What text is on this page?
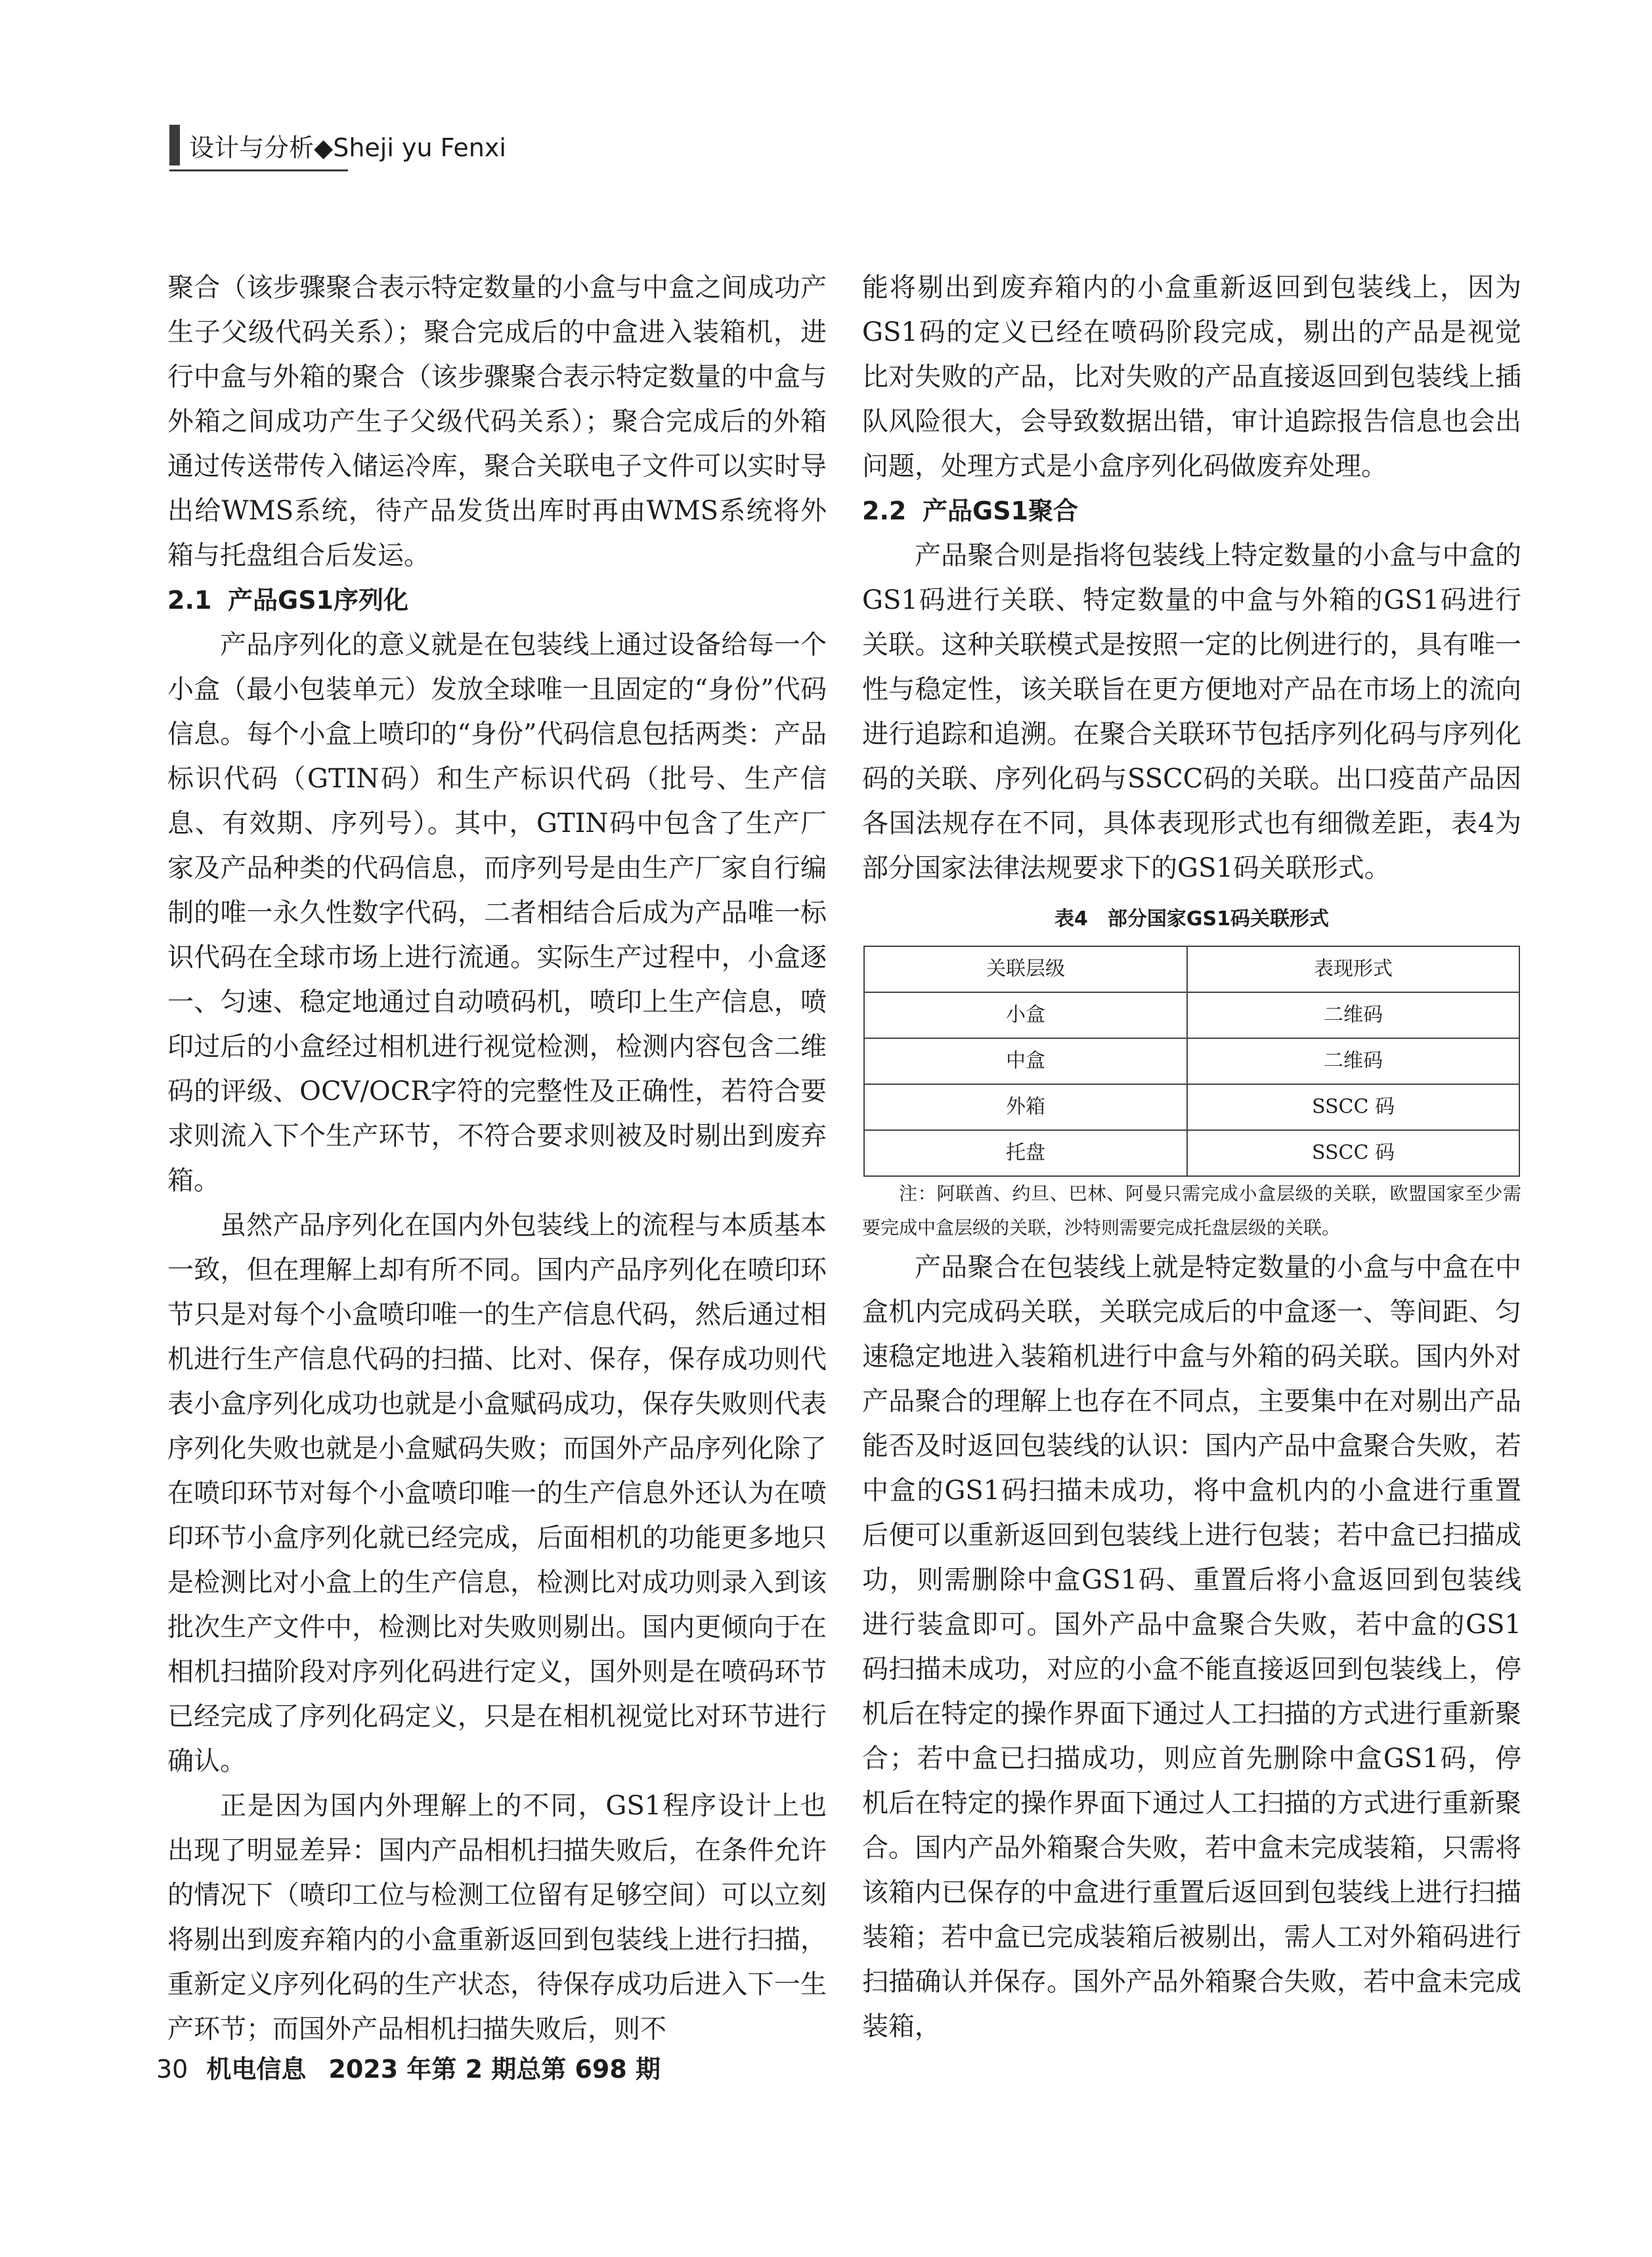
设计与分析◆Sheji yu Fenxi

聚合（该步骤聚合表示特定数量的小盒与中盒之间成功产生子父级代码关系）；聚合完成后的中盒进入装箱机，进行中盒与外箱的聚合（该步骤聚合表示特定数量的中盒与外箱之间成功产生子父级代码关系）；聚合完成后的外箱通过传送带传入储运冷库，聚合关联电子文件可以实时导出给WMS系统，待产品发货出库时再由WMS系统将外箱与托盘组合后发运。

2.1 产品GS1序列化

产品序列化的意义就是在包装线上通过设备给每一个小盒（最小包装单元）发放全球唯一且固定的“身份”代码信息。每个小盒上喷印的“身份”代码信息包括两类：产品标识代码（GTIN码）和生产标识代码（批号、生产信息、有效期、序列号）。其中，GTIN码中包含了生产厂家及产品种类的代码信息，而序列号是由生产厂家自行编制的唯一永久性数字代码，二者相结合后成为产品唯一标识代码在全球市场上进行流通。实际生产过程中，小盒逐一、匀速、稳定地通过自动喷码机，喷印上生产信息，喷印过后的小盒经过相机进行视觉检测，检测内容包含二维码的评级、OCV/OCR字符的完整性及正确性，若符合要求则流入下个生产环节，不符合要求则被及时剔出到废弃箱。

虽然产品序列化在国内外包装线上的流程与本质基本一致，但在理解上却有所不同。国内产品序列化在喷印环节只是对每个小盒喷印唯一的生产信息代码，然后通过相机进行生产信息代码的扫描、比对、保存，保存成功则代表小盒序列化成功也就是小盒赋码成功，保存失败则代表序列化失败也就是小盒赋码失败；而国外产品序列化除了在喷印环节对每个小盒喷印唯一的生产信息外还认为在喷印环节小盒序列化就已经完成，后面相机的功能更多地只是检测比对小盒上的生产信息，检测比对成功则录入到该批次生产文件中，检测比对失败则剔出。国内更倾向于在相机扫描阶段对序列化码进行定义，国外则是在喷码环节已经完成了序列化码定义，只是在相机视觉比对环节进行确认。

正是因为国内外理解上的不同，GS1程序设计上也出现了明显差异：国内产品相机扫描失败后，在条件允许的情况下（喷印工位与检测工位留有足够空间）可以立刻将剔出到废弃箱内的小盒重新返回到包装线上进行扫描，重新定义序列化码的生产状态，待保存成功后进入下一生产环节；而国外产品相机扫描失败后，则不

能将剔出到废弃箱内的小盒重新返回到包装线上，因为GS1码的定义已经在喷码阶段完成，剔出的产品是视觉比对失败的产品，比对失败的产品直接返回到包装线上插队风险很大，会导致数据出错，审计追踪报告信息也会出问题，处理方式是小盒序列化码做废弃处理。

2.2 产品GS1聚合

产品聚合则是指将包装线上特定数量的小盒与中盒的GS1码进行关联、特定数量的中盒与外箱的GS1码进行关联。这种关联模式是按照一定的比例进行的，具有唯一性与稳定性，该关联旨在更方便地对产品在市场上的流向进行追踪和追溯。在聚合关联环节包括序列化码与序列化码的关联、序列化码与SSCC码的关联。出口疫苗产品因各国法规存在不同，具体表现形式也有细微差距，表4为部分国家法律法规要求下的GS1码关联形式。

表4　部分国家GS1码关联形式
关联层级	表现形式
小盒	二维码
中盒	二维码
外箱	SSCC 码
托盘	SSCC 码

注：阿联酋、约旦、巴林、阿曼只需完成小盒层级的关联，欧盟国家至少需要完成中盒层级的关联，沙特则需要完成托盘层级的关联。

产品聚合在包装线上就是特定数量的小盒与中盒在中盒机内完成码关联，关联完成后的中盒逐一、等间距、匀速稳定地进入装箱机进行中盒与外箱的码关联。国内外对产品聚合的理解上也存在不同点，主要集中在对剔出产品能否及时返回包装线的认识：国内产品中盒聚合失败，若中盒的GS1码扫描未成功，将中盒机内的小盒进行重置后便可以重新返回到包装线上进行包装；若中盒已扫描成功，则需删除中盒GS1码、重置后将小盒返回到包装线进行装盒即可。国外产品中盒聚合失败，若中盒的GS1码扫描未成功，对应的小盒不能直接返回到包装线上，停机后在特定的操作界面下通过人工扫描的方式进行重新聚合；若中盒已扫描成功，则应首先删除中盒GS1码，停机后在特定的操作界面下通过人工扫描的方式进行重新聚合。国内产品外箱聚合失败，若中盒未完成装箱，只需将该箱内已保存的中盒进行重置后返回到包装线上进行扫描装箱；若中盒已完成装箱后被剔出，需人工对外箱码进行扫描确认并保存。国外产品外箱聚合失败，若中盒未完成装箱，

30 机电信息 2023 年第 2 期总第 698 期
